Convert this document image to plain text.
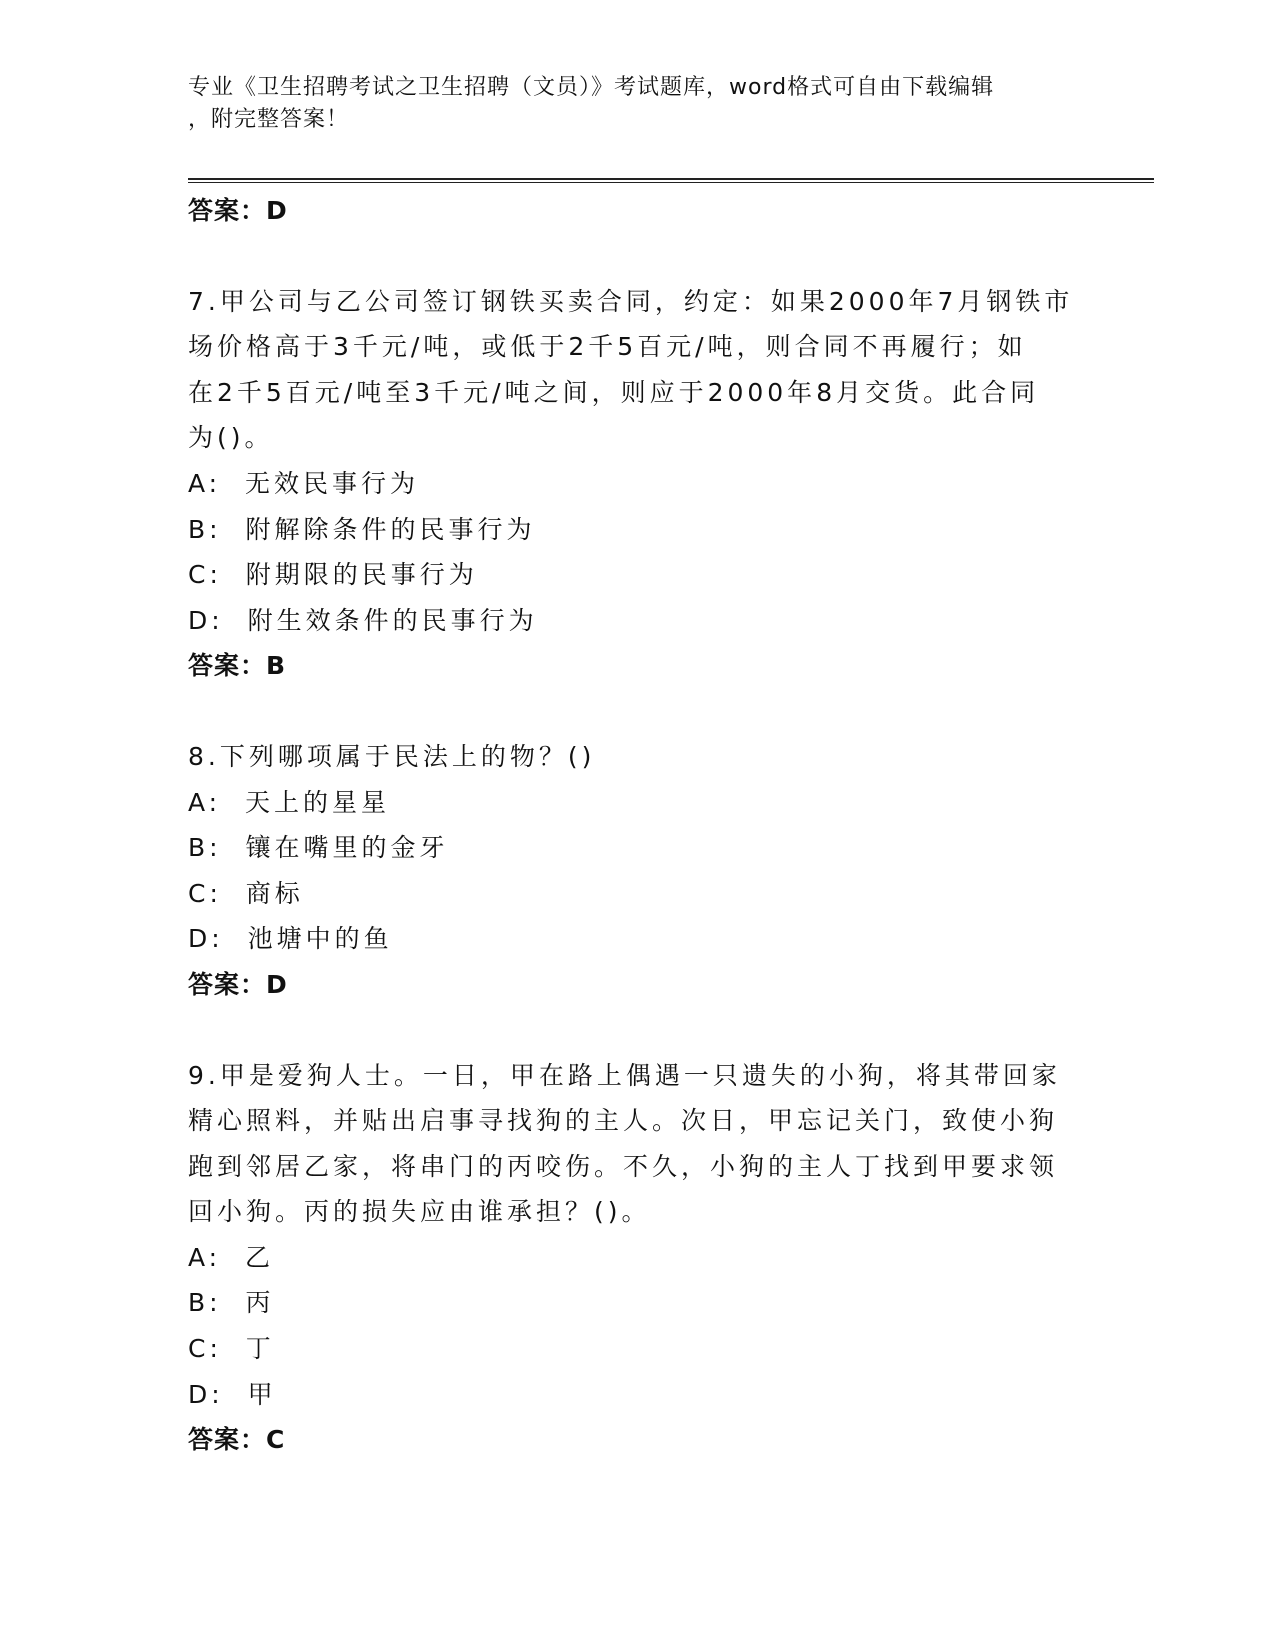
专业《卫生招聘考试之卫生招聘（文员）》考试题库，word格式可自由下载编辑
，附完整答案！
答案：D
7.甲公司与乙公司签订钢铁买卖合同，约定：如果2000年7月钢铁市
场价格高于3千元/吨，或低于2千5百元/吨，则合同不再履行；如
在2千5百元/吨至3千元/吨之间，则应于2000年8月交货。此合同
为()。
A:  无效民事行为
B:  附解除条件的民事行为
C:  附期限的民事行为
D:  附生效条件的民事行为
答案：B
8.下列哪项属于民法上的物？()
A:  天上的星星
B:  镶在嘴里的金牙
C:  商标
D:  池塘中的鱼
答案：D
9.甲是爱狗人士。一日，甲在路上偶遇一只遗失的小狗，将其带回家
精心照料，并贴出启事寻找狗的主人。次日，甲忘记关门，致使小狗
跑到邻居乙家，将串门的丙咬伤。不久，小狗的主人丁找到甲要求领
回小狗。丙的损失应由谁承担？()。
A:  乙
B:  丙
C:  丁
D:  甲
答案：C
